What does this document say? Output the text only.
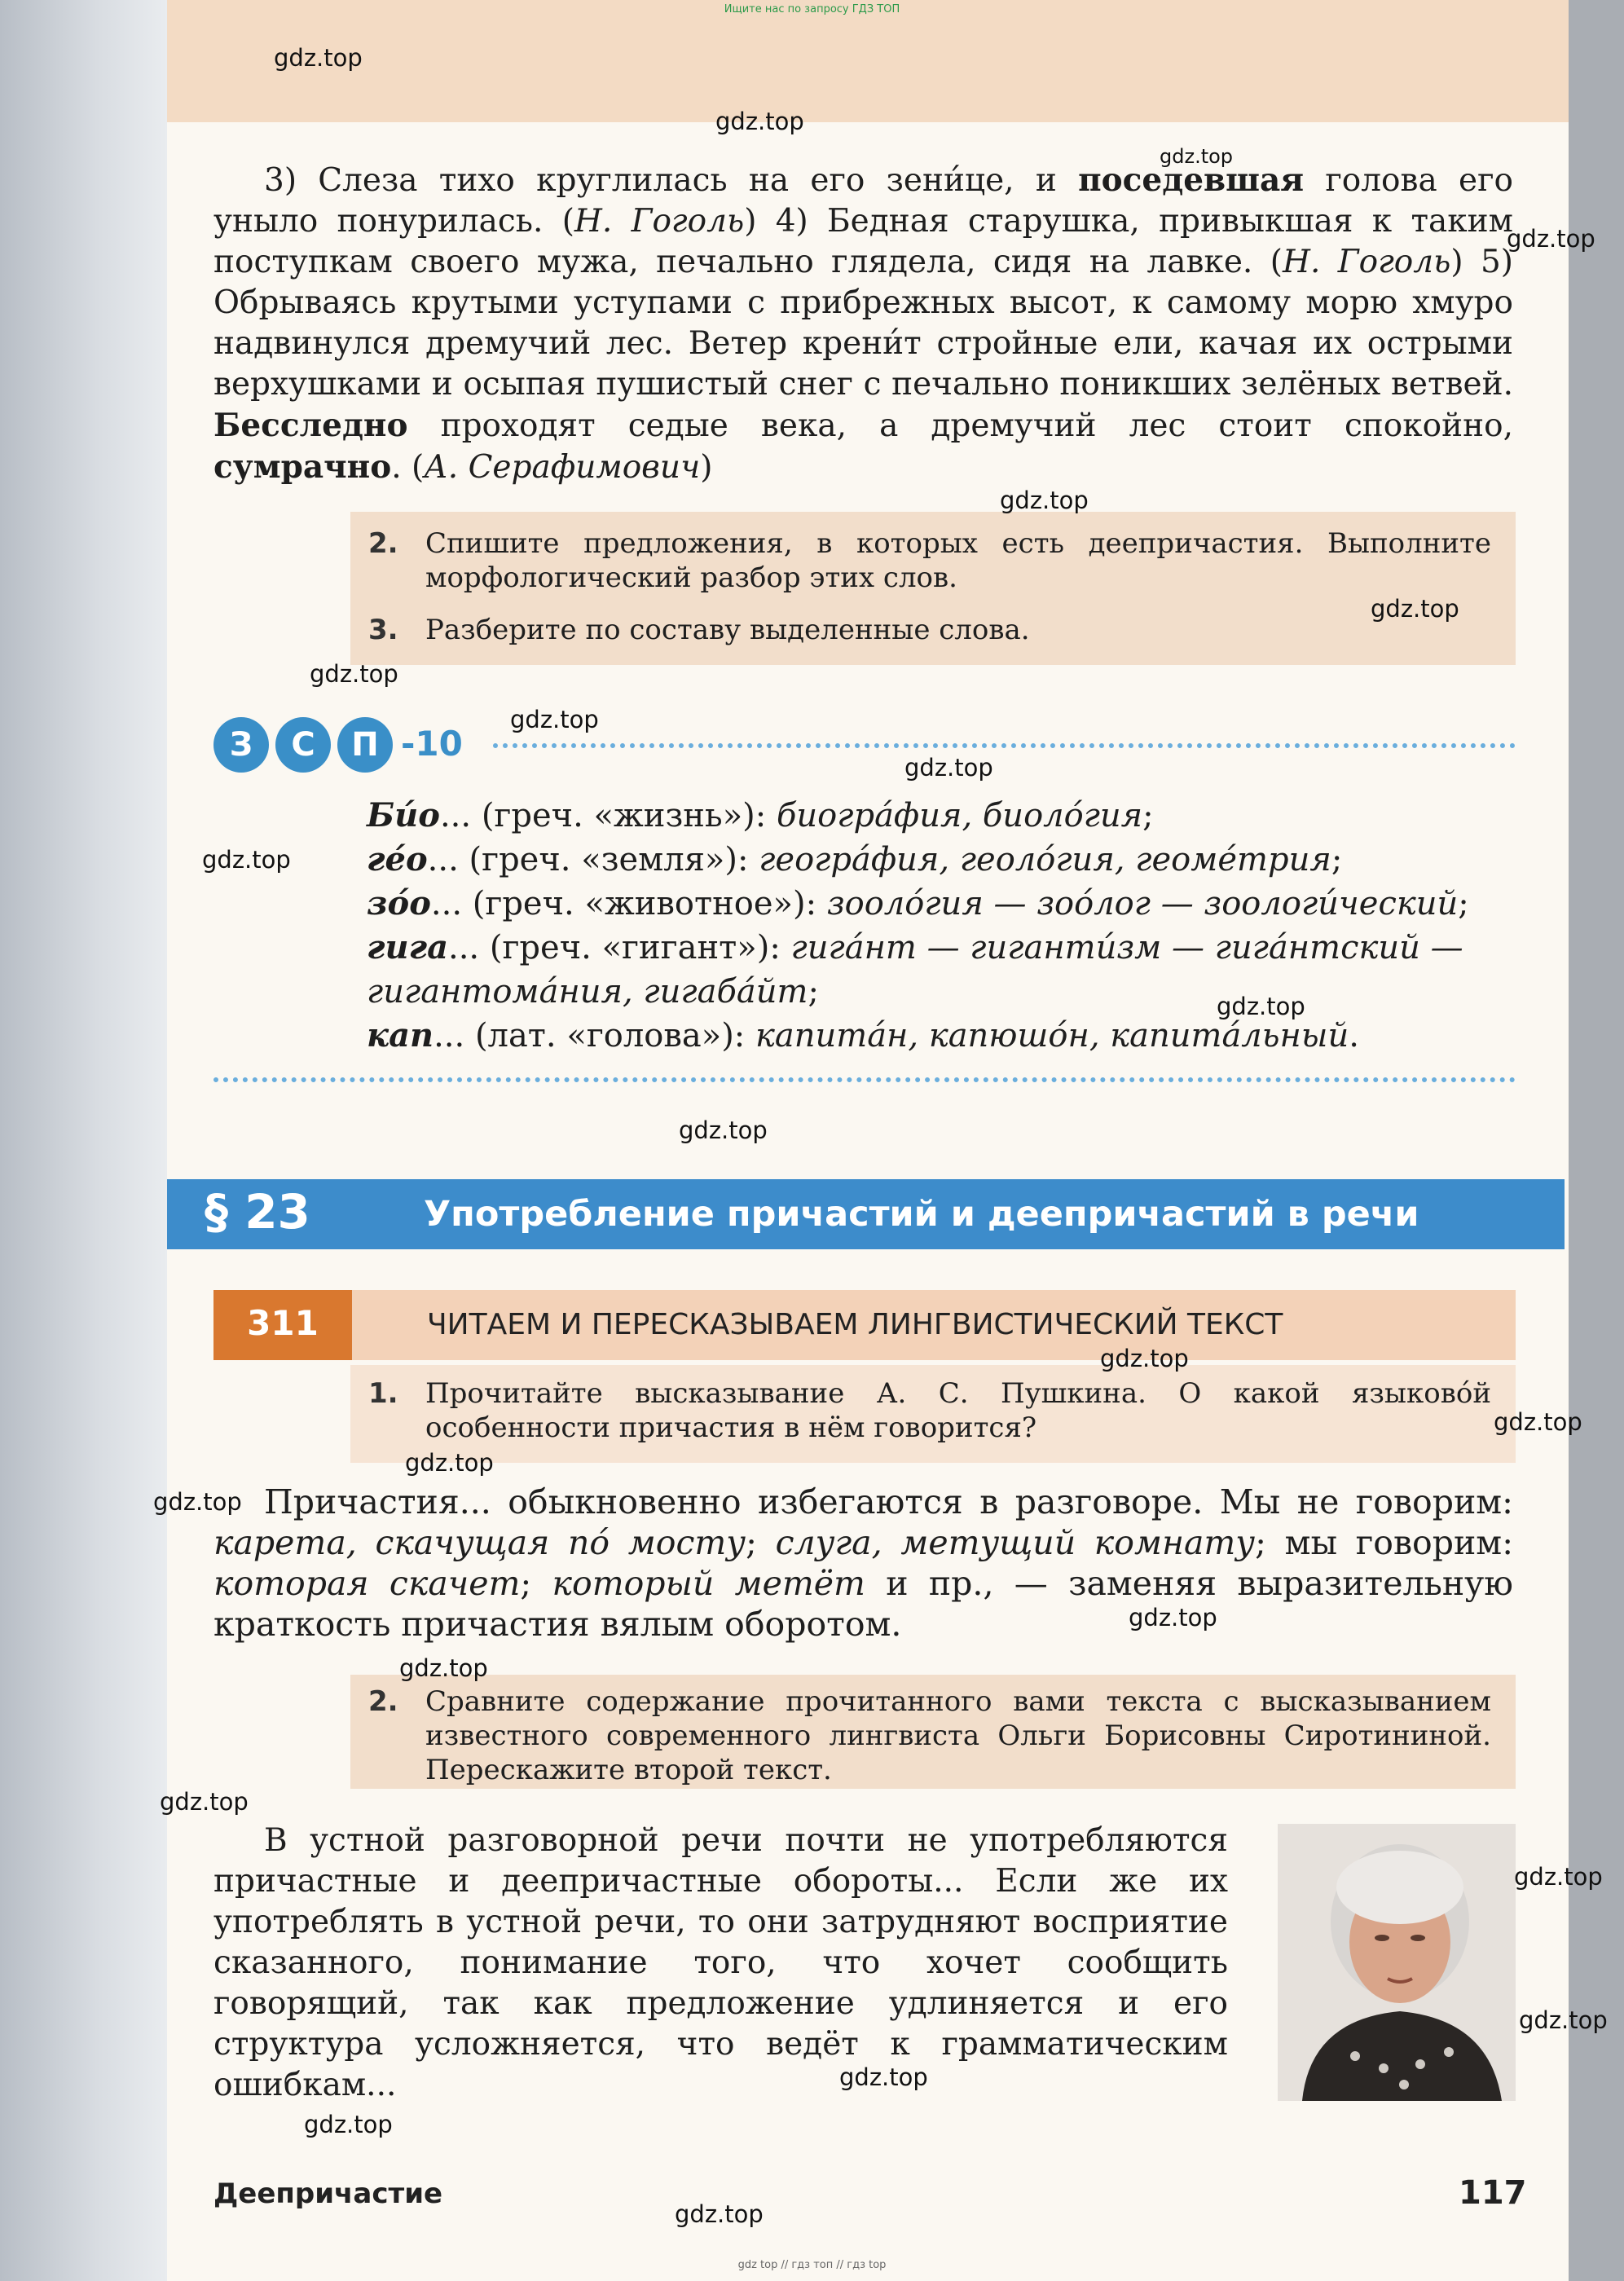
Ищите нас по запросу ГДЗ ТОП
3) Слеза тихо круглилась на его зени́це, и поседевшая голова его уныло понурилась. (Н. Гоголь) 4) Бедная старушка, привыкшая к таким поступкам своего мужа, печально глядела, сидя на лавке. (Н. Гоголь) 5) Обрываясь крутыми уступами с прибрежных высот, к самому морю хмуро надвинулся дремучий лес. Ветер крени́т стройные ели, качая их острыми верхушками и осыпая пушистый снег с печально поникших зелёных ветвей. Бесследно проходят седые века, а дремучий лес стоит спокойно, сумрачно. (А. Серафимович)
2. Спишите предложения, в которых есть деепричастия. Выполните морфологический разбор этих слов.
3. Разберите по составу выделенные слова.
З	С	П -10
Би́о... (греч. «жизнь»): биогра́фия, биоло́гия;
ге́о... (греч. «земля»): геогра́фия, геоло́гия, геоме́трия;
зо́о... (греч. «животное»): зооло́гия — зоо́лог — зоологи́ческий; гига... (греч. «гигант»): гига́нт — гиганти́зм — гига́нтский — гигантома́ния, гигаба́йт;
кап... (лат. «голова»): капита́н, капюшо́н, капита́льный.
§ 23	Употребление причастий и деепричастий в речи
311	ЧИТАЕМ И ПЕРЕСКАЗЫВАЕМ ЛИНГВИСТИЧЕСКИЙ ТЕКСТ
1. Прочитайте высказывание А. С. Пушкина. О какой языково́й особенности причастия в нём говорится?
Причастия... обыкновенно избегаются в разговоре. Мы не говорим: карета, скачущая по́ мосту; слуга, метущий комнату; мы говорим: которая скачет; который метёт и пр., — заменяя выразительную краткость причастия вялым оборотом.
2. Сравните содержание прочитанного вами текста с высказыванием известного современного лингвиста Ольги Борисовны Сиротининой. Перескажите второй текст.
В устной разговорной речи почти не употребляются причастные и деепричастные обороты... Если же их употреблять в устной речи, то они затрудняют восприятие сказанного, понимание того, что хочет сообщить говорящий, так как предложение удлиняется и его структура усложняется, что ведёт к грамматическим ошибкам...
Деепричастие	117
gdz.top
gdz.top
gdz.top
gdz.top
gdz.top
gdz.top
gdz.top
gdz.top
gdz.top
gdz.top
gdz.top
gdz.top
gdz.top
gdz.top
gdz.top
gdz.top
gdz.top
gdz.top
gdz.top
gdz.top
gdz.top
gdz.top
gdz.top
gdz.top
gdz top // гдз топ // гдз top
